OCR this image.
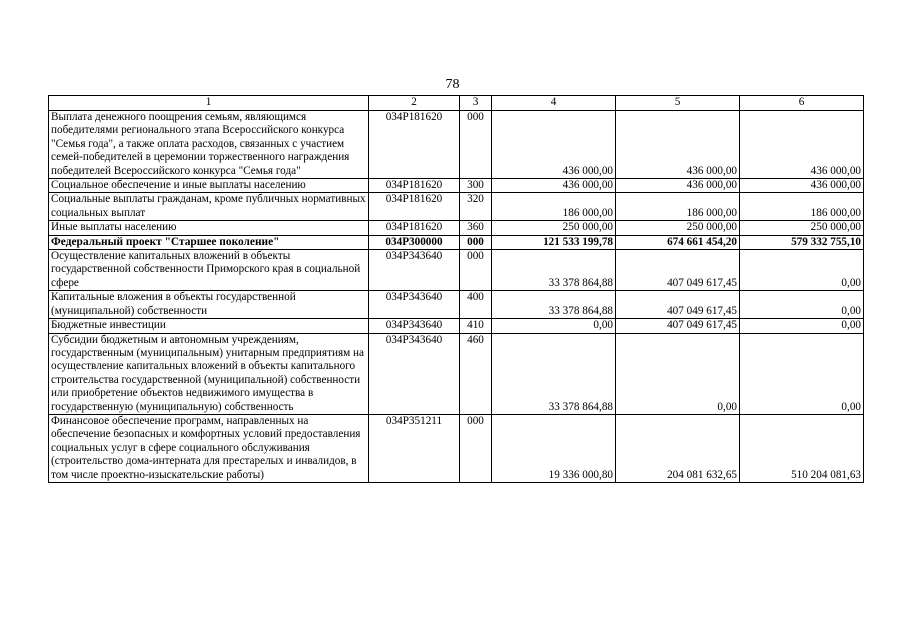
78
1	2	3	4	5	6
Выплата денежного поощрения семьям, являющимся победителями регионального этапа Всероссийского конкурса "Семья года", а также оплата расходов, связанных с участием семей-победителей в церемонии торжественного награждения победителей Всероссийского конкурса "Семья года"	034P181620	000	436 000,00	436 000,00	436 000,00
Социальное обеспечение и иные выплаты населению	034P181620	300	436 000,00	436 000,00	436 000,00
Социальные выплаты гражданам, кроме публичных нормативных социальных выплат	034P181620	320	186 000,00	186 000,00	186 000,00
Иные выплаты населению	034P181620	360	250 000,00	250 000,00	250 000,00
Федеральный проект "Старшее поколение"	034P300000	000	121 533 199,78	674 661 454,20	579 332 755,10
Осуществление капитальных вложений в объекты государственной собственности Приморского края в социальной сфере	034P343640	000	33 378 864,88	407 049 617,45	0,00
Капитальные вложения в объекты государственной (муниципальной) собственности	034P343640	400	33 378 864,88	407 049 617,45	0,00
Бюджетные инвестиции	034P343640	410	0,00	407 049 617,45	0,00
Субсидии бюджетным и автономным учреждениям, государственным (муниципальным) унитарным предприятиям на осуществление капитальных вложений в объекты капитального строительства государственной (муниципальной) собственности или приобретение объектов недвижимого имущества в государственную (муниципальную) собственность	034P343640	460	33 378 864,88	0,00	0,00
Финансовое обеспечение программ, направленных на обеспечение безопасных и комфортных условий предоставления социальных услуг в сфере социального обслуживания (строительство дома-интерната для престарелых и инвалидов, в том числе проектно-изыскательские работы)	034P351211	000	19 336 000,80	204 081 632,65	510 204 081,63
